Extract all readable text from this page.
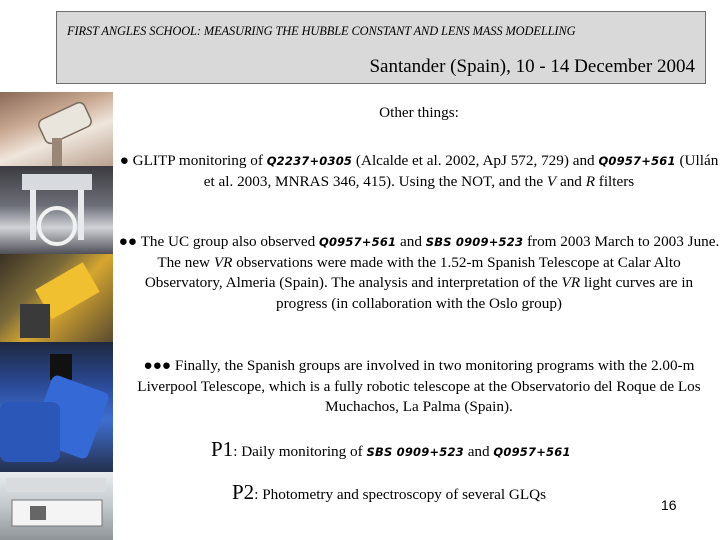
FIRST ANGLES SCHOOL: MEASURING THE HUBBLE CONSTANT AND LENS MASS MODELLING
Santander (Spain), 10 - 14 December 2004
Other things:
● GLITP monitoring of Q2237+0305 (Alcalde et al. 2002, ApJ 572, 729) and Q0957+561 (Ullán et al. 2003, MNRAS 346, 415). Using the NOT, and the V and R filters
●● The UC group also observed Q0957+561 and SBS 0909+523 from 2003 March to 2003 June. The new VR observations were made with the 1.52-m Spanish Telescope at Calar Alto Observatory, Almeria (Spain). The analysis and interpretation of the VR light curves are in progress (in collaboration with the Oslo group)
●●● Finally, the Spanish groups are involved in two monitoring programs with the 2.00-m Liverpool Telescope, which is a fully robotic telescope at the Observatorio del Roque de Los Muchachos, La Palma (Spain).
P1: Daily monitoring of SBS 0909+523 and Q0957+561
P2: Photometry and spectroscopy of several GLQs
16
